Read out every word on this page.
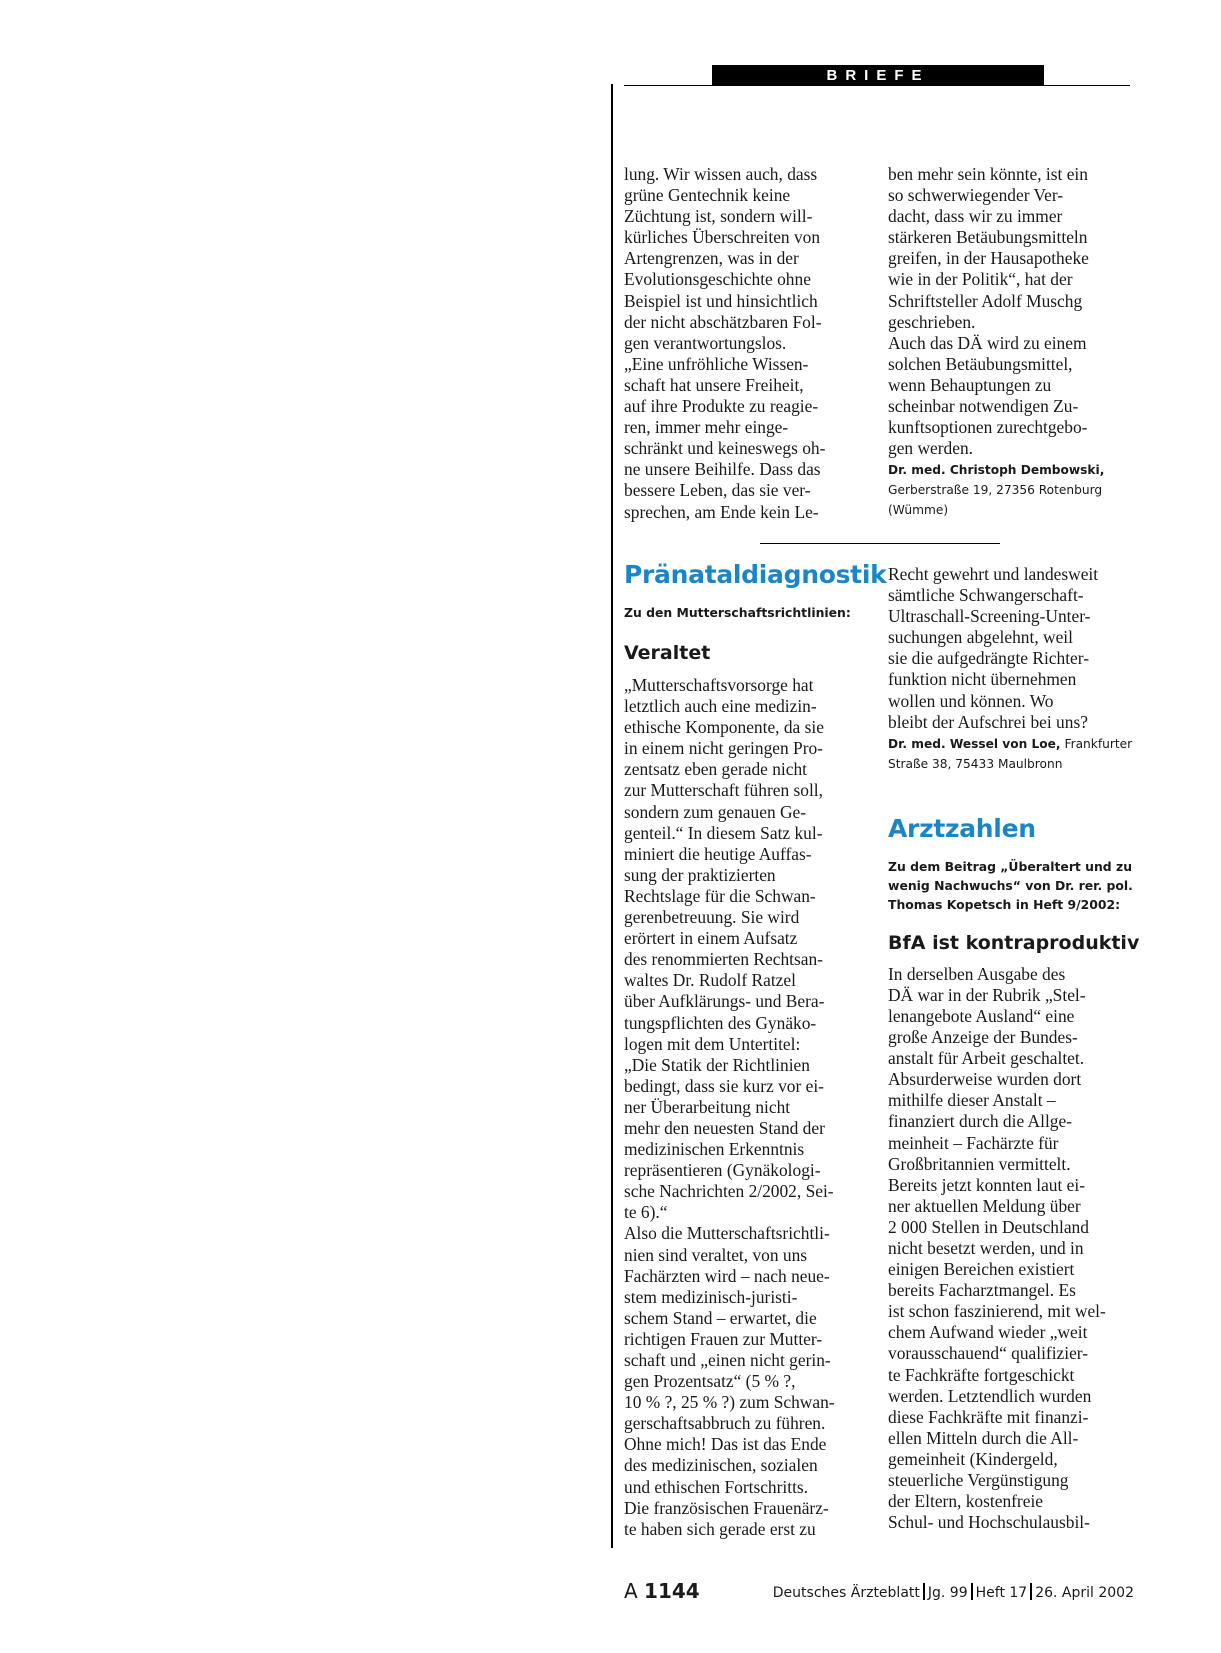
BRIEFE

lung. Wir wissen auch, dass
grüne Gentechnik keine
Züchtung ist, sondern will-
kürliches Überschreiten von
Artengrenzen, was in der
Evolutionsgeschichte ohne
Beispiel ist und hinsichtlich
der nicht abschätzbaren Fol-
gen verantwortungslos.
„Eine unfröhliche Wissen-
schaft hat unsere Freiheit,
auf ihre Produkte zu reagie-
ren, immer mehr einge-
schränkt und keineswegs oh-
ne unsere Beihilfe. Dass das
bessere Leben, das sie ver-
sprechen, am Ende kein Le-

ben mehr sein könnte, ist ein
so schwerwiegender Ver-
dacht, dass wir zu immer
stärkeren Betäubungsmitteln
greifen, in der Hausapotheke
wie in der Politik“, hat der
Schriftsteller Adolf Muschg
geschrieben.
Auch das DÄ wird zu einem
solchen Betäubungsmittel,
wenn Behauptungen zu
scheinbar notwendigen Zu-
kunftsoptionen zurechtgebo-
gen werden.

Dr. med. Christoph Dembowski,
Gerberstraße 19, 27356 Rotenburg
(Wümme)
Pränataldiagnostik

Zu den Mutterschaftsrichtlinien:

Veraltet

„Mutterschaftsvorsorge hat
letztlich auch eine medizin-
ethische Komponente, da sie
in einem nicht geringen Pro-
zentsatz eben gerade nicht
zur Mutterschaft führen soll,
sondern zum genauen Ge-
genteil.“ In diesem Satz kul-
miniert die heutige Auffas-
sung der praktizierten
Rechtslage für die Schwan-
gerenbetreuung. Sie wird
erörtert in einem Aufsatz
des renommierten Rechtsan-
waltes Dr. Rudolf Ratzel
über Aufklärungs- und Bera-
tungspflichten des Gynäko-
logen mit dem Untertitel:
„Die Statik der Richtlinien
bedingt, dass sie kurz vor ei-
ner Überarbeitung nicht
mehr den neuesten Stand der
medizinischen Erkenntnis
repräsentieren (Gynäkologi-
sche Nachrichten 2/2002, Sei-
te 6).“
Also die Mutterschaftsrichtli-
nien sind veraltet, von uns
Fachärzten wird – nach neue-
stem medizinisch-juristi-
schem Stand – erwartet, die
richtigen Frauen zur Mutter-
schaft und „einen nicht gerin-
gen Prozentsatz“ (5 % ?,
10 % ?, 25 % ?) zum Schwan-
gerschaftsabbruch zu führen.
Ohne mich! Das ist das Ende
des medizinischen, sozialen
und ethischen Fortschritts.
Die französischen Frauenärz-
te haben sich gerade erst zu

Recht gewehrt und landesweit
sämtliche Schwangerschaft-
Ultraschall-Screening-Unter-
suchungen abgelehnt, weil
sie die aufgedrängte Richter-
funktion nicht übernehmen
wollen und können. Wo
bleibt der Aufschrei bei uns?

Dr. med. Wessel von Loe, Frankfurter
Straße 38, 75433 Maulbronn
Arztzahlen

Zu dem Beitrag „Überaltert und zu
wenig Nachwuchs“ von Dr. rer. pol.
Thomas Kopetsch in Heft 9/2002:

BfA ist kontraproduktiv

In derselben Ausgabe des
DÄ war in der Rubrik „Stel-
lenangebote Ausland“ eine
große Anzeige der Bundes-
anstalt für Arbeit geschaltet.
Absurderweise wurden dort
mithilfe dieser Anstalt –
finanziert durch die Allge-
meinheit – Fachärzte für
Großbritannien vermittelt.
Bereits jetzt konnten laut ei-
ner aktuellen Meldung über
2 000 Stellen in Deutschland
nicht besetzt werden, und in
einigen Bereichen existiert
bereits Facharztmangel. Es
ist schon faszinierend, mit wel-
chem Aufwand wieder „weit
vorausschauend“ qualifizier-
te Fachkräfte fortgeschickt
werden. Letztendlich wurden
diese Fachkräfte mit finanzi-
ellen Mitteln durch die All-
gemeinheit (Kindergeld,
steuerliche Vergünstigung
der Eltern, kostenfreie
Schul- und Hochschulausbil-

A 1144	Deutsches Ärzteblatt Jg. 99 Heft 17 26. April 2002
